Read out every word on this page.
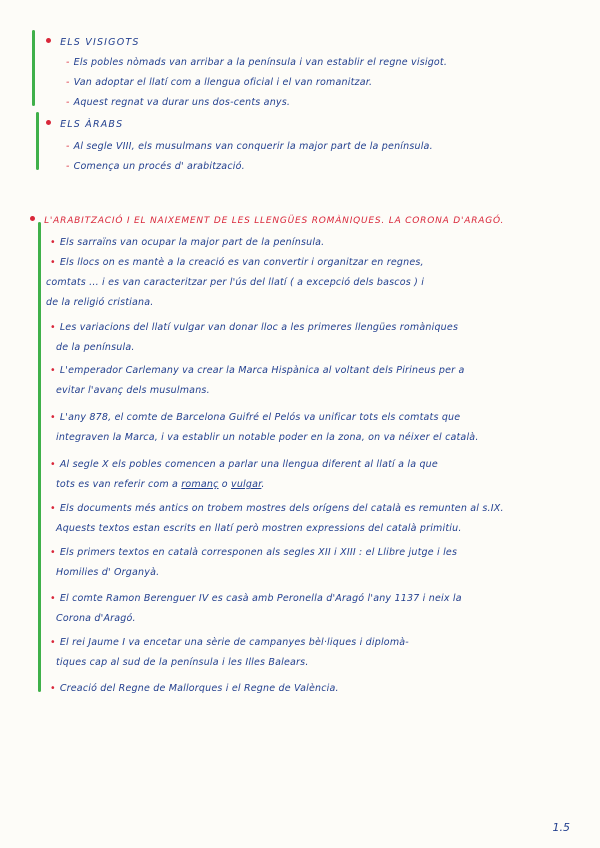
ELS VISIGOTS
- Els pobles nòmads van arribar a la península i van establir el regne visigot.
- Van adoptar el llatí com a llengua oficial i el van romanitzar.
- Aquest regnat va durar uns dos-cents anys.
ELS ÀRABS
- Al segle VIII, els musulmans van conquerir la major part de la península.
- Comença un procés d' arabització.
L'ARABITZACIÓ I EL NAIXEMENT DE LES LLENGÜES ROMÀNIQUES. LA CORONA D'ARAGÓ.
• Els sarraïns van ocupar la major part de la península.
• Els llocs on es mantè a la creació es van convertir i organitzar en regnes,
comtats ... i es van caracteritzar per l'ús del llatí ( a excepció dels bascos ) i
de la religió cristiana.
• Les variacions del llatí vulgar van donar lloc a les primeres llengües romàniques
de la península.
• L'emperador Carlemany va crear la Marca Hispànica al voltant dels Pirineus per a
evitar l'avanç dels musulmans.
• L'any 878, el comte de Barcelona Guifré el Pelós va unificar tots els comtats que
integraven la Marca, i va establir un notable poder en la zona, on va néixer el català.
• Al segle X els pobles comencen a parlar una llengua diferent al llatí a la que
tots es van referir com a romanç o vulgar.
• Els documents més antics on trobem mostres dels orígens del català es remunten al s.IX.
Aquests textos estan escrits en llatí però mostren expressions del català primitiu.
• Els primers textos en català corresponen als segles XII i XIII : el Llibre jutge i les
Homilies d' Organyà.
• El comte Ramon Berenguer IV es casà amb Peronella d'Aragó l'any 1137 i neix la
Corona d'Aragó.
• El rei Jaume I va encetar una sèrie de campanyes bèl·liques i diplomà-
tiques cap al sud de la península i les Illes Balears.
• Creació del Regne de Mallorques i el Regne de València.
1.5
